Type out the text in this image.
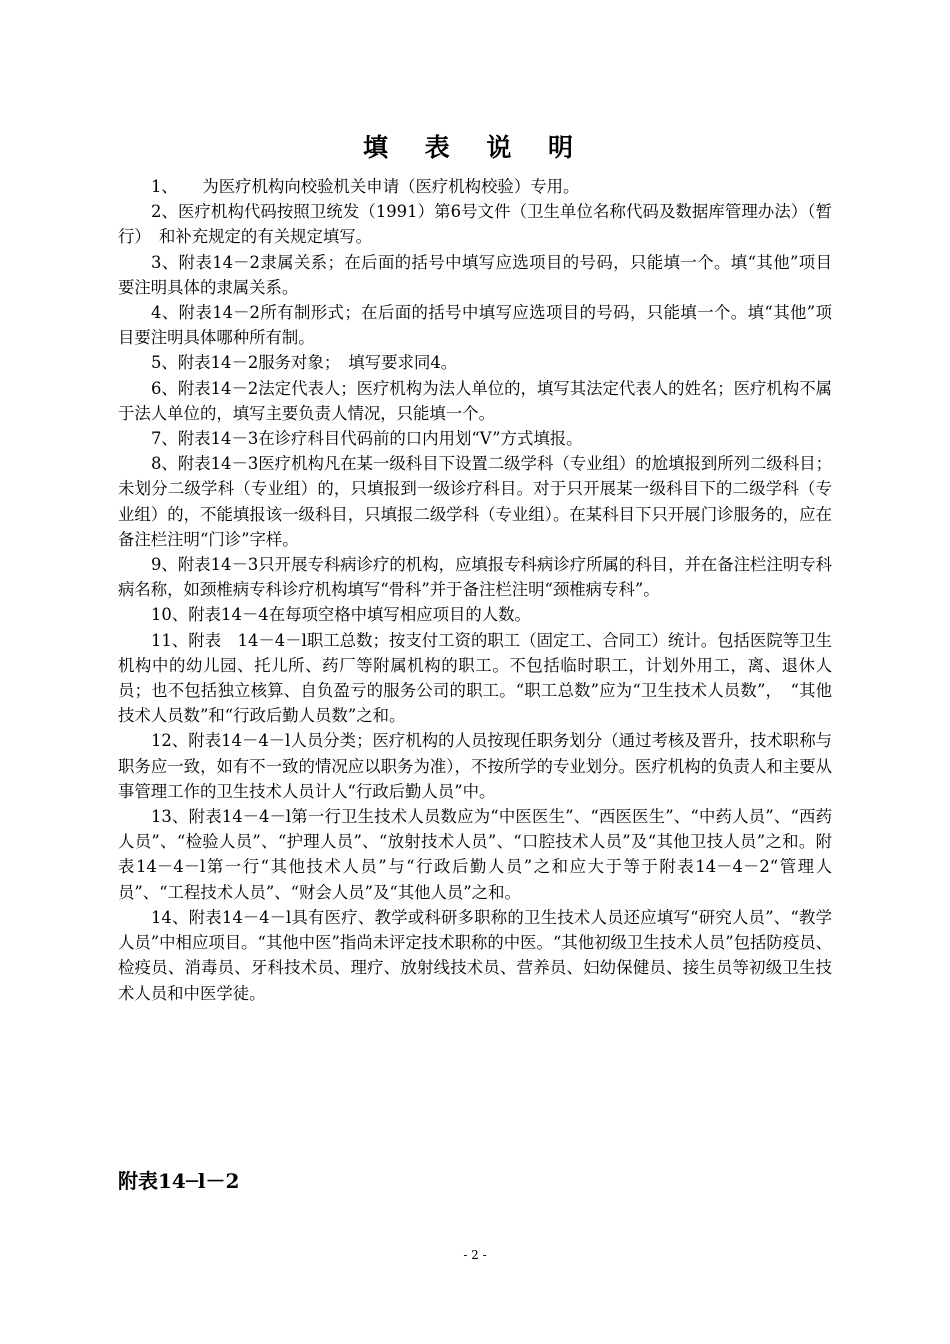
填 表 说 明

1、　　为医疗机构向校验机关申请（医疗机构校验）专用。

2、医疗机构代码按照卫统发（1991）第6号文件（卫生单位名称代码及数据库管理办法）（暂行）　和补充规定的有关规定填写。

3、附表14－2隶属关系；在后面的括号中填写应选项目的号码，只能填一个。填“其他”项目要注明具体的隶属关系。

4、附表14－2所有制形式；在后面的括号中填写应选项目的号码，只能填一个。填“其他”项目要注明具体哪种所有制。

5、附表14－2服务对象；　填写要求同4。

6、附表14－2法定代表人；医疗机构为法人单位的，填写其法定代表人的姓名；医疗机构不属于法人单位的，填写主要负责人情况，只能填一个。

7、附表14－3在诊疗科目代码前的口内用划“V”方式填报。

8、附表14－3医疗机构凡在某一级科目下设置二级学科（专业组）的尬填报到所列二级科目；未划分二级学科（专业组）的，只填报到一级诊疗科目。对于只开展某一级科目下的二级学科（专业组）的，不能填报该一级科目，只填报二级学科（专业组）。在某科目下只开展门诊服务的，应在备注栏注明“门诊”字样。

9、附表14－3只开展专科病诊疗的机构，应填报专科病诊疗所属的科目，并在备注栏注明专科病名称，如颈椎病专科诊疗机构填写“骨科”并于备注栏注明“颈椎病专科”。

10、附表14－4在每项空格中填写相应项目的人数。

11、附表　14－4－l职工总数；按支付工资的职工（固定工、合同工）统计。包括医院等卫生机构中的幼儿园、托儿所、药厂等附属机构的职工。不包括临时职工，计划外用工，离、退休人员；也不包括独立核算、自负盈亏的服务公司的职工。“职工总数”应为“卫生技术人员数”，　“其他技术人员数”和“行政后勤人员数”之和。

12、附表14－4－l人员分类；医疗机构的人员按现任职务划分（通过考核及晋升，技术职称与职务应一致，如有不一致的情况应以职务为准），不按所学的专业划分。医疗机构的负责人和主要从事管理工作的卫生技术人员计人“行政后勤人员”中。

13、附表14－4－l第一行卫生技术人员数应为“中医医生”、“西医医生”、“中药人员”、“西药人员”、“检验人员”、“护理人员”、“放射技术人员”、“口腔技术人员”及“其他卫技人员”之和。附表14－4－l第一行“其他技术人员”与“行政后勤人员”之和应大于等于附表14－4－2“管理人员”、“工程技术人员”、“财会人员”及“其他人员”之和。

14、附表14－4－l具有医疗、教学或科研多职称的卫生技术人员还应填写“研究人员”、“教学人员”中相应项目。“其他中医”指尚未评定技术职称的中医。“其他初级卫生技术人员”包括防疫员、检疫员、消毒员、牙科技术员、理疗、放射线技术员、营养员、妇幼保健员、接生员等初级卫生技术人员和中医学徒。

附表14─l－2
- 2 -
